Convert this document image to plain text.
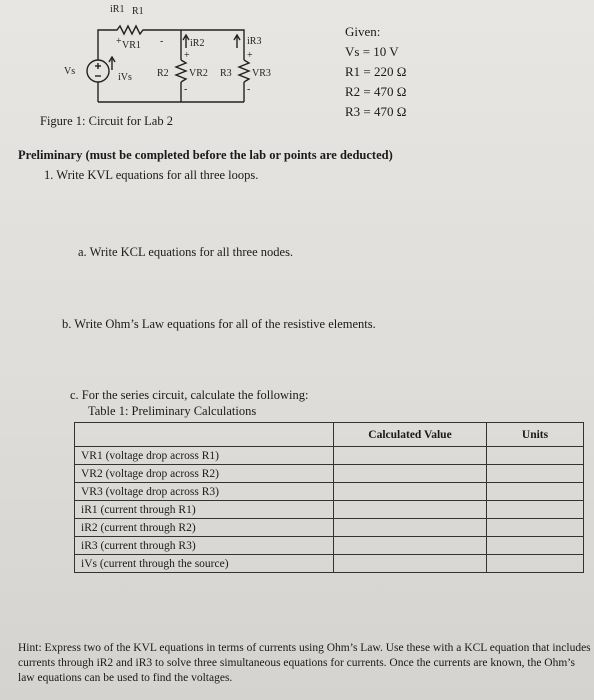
iR1 R1
+ VR1 -	iR2	iR3
Vs
iVs
+
R2 VR2
-
+
R3 VR3
-
Given:
Vs = 10 V
R1 = 220 Ω
R2 = 470 Ω
R3 = 470 Ω
Figure 1: Circuit for Lab 2
Preliminary (must be completed before the lab or points are deducted)
1. Write KVL equations for all three loops.
a. Write KCL equations for all three nodes.
b. Write Ohm’s Law equations for all of the resistive elements.
c. For the series circuit, calculate the following:
Table 1: Preliminary Calculations
	Calculated Value	Units
VR1 (voltage drop across R1)		
VR2 (voltage drop across R2)		
VR3 (voltage drop across R3)		
iR1 (current through R1)		
iR2 (current through R2)		
iR3 (current through R3)		
iVs (current through the source)		
Hint: Express two of the KVL equations in terms of currents using Ohm’s Law. Use these with a KCL equation that includes currents through iR2 and iR3 to solve three simultaneous equations for currents. Once the currents are known, the Ohm’s law equations can be used to find the voltages.
